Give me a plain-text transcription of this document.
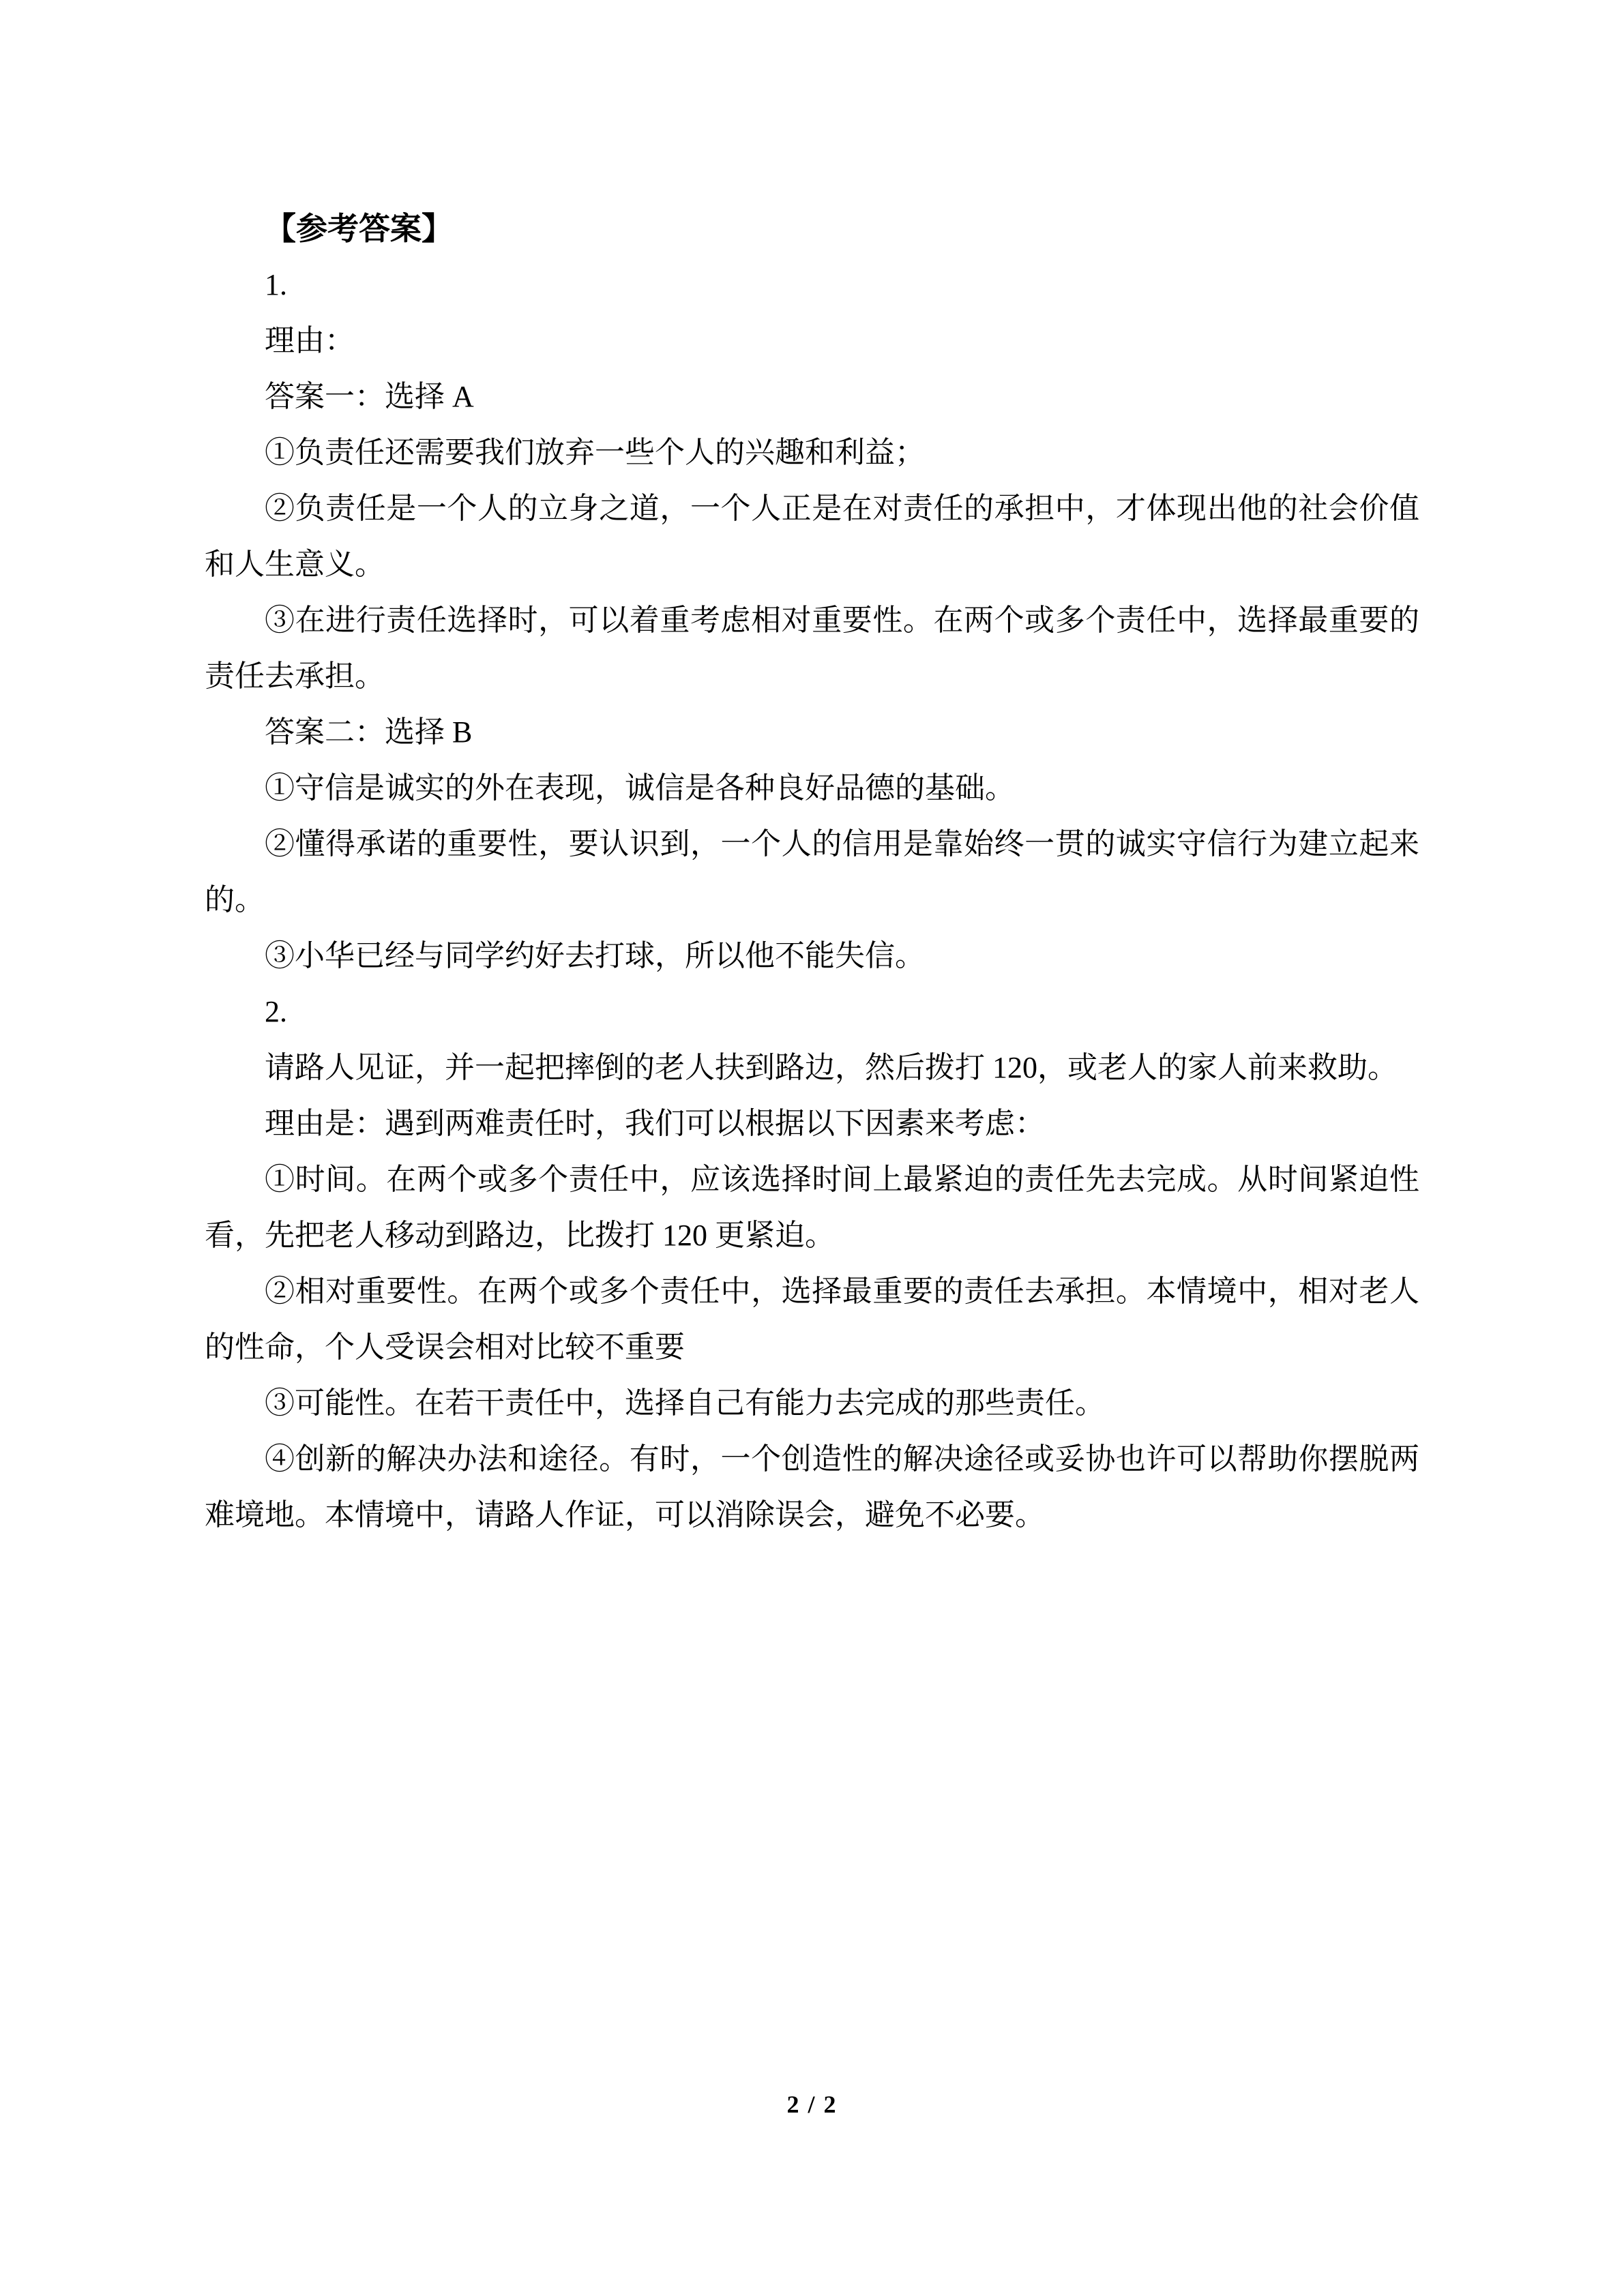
【参考答案】

1.

理由：

答案一：选择 A

①负责任还需要我们放弃一些个人的兴趣和利益；

②负责任是一个人的立身之道，一个人正是在对责任的承担中，才体现出他的社会价值和人生意义。

③在进行责任选择时，可以着重考虑相对重要性。在两个或多个责任中，选择最重要的责任去承担。

答案二：选择 B

①守信是诚实的外在表现，诚信是各种良好品德的基础。

②懂得承诺的重要性，要认识到，一个人的信用是靠始终一贯的诚实守信行为建立起来的。

③小华已经与同学约好去打球，所以他不能失信。

2.

请路人见证，并一起把摔倒的老人扶到路边，然后拨打 120，或老人的家人前来救助。

理由是：遇到两难责任时，我们可以根据以下因素来考虑：

①时间。在两个或多个责任中，应该选择时间上最紧迫的责任先去完成。从时间紧迫性看，先把老人移动到路边，比拨打 120 更紧迫。

②相对重要性。在两个或多个责任中，选择最重要的责任去承担。本情境中，相对老人的性命，个人受误会相对比较不重要

③可能性。在若干责任中，选择自己有能力去完成的那些责任。

④创新的解决办法和途径。有时，一个创造性的解决途径或妥协也许可以帮助你摆脱两难境地。本情境中，请路人作证，可以消除误会，避免不必要。

2 / 2
